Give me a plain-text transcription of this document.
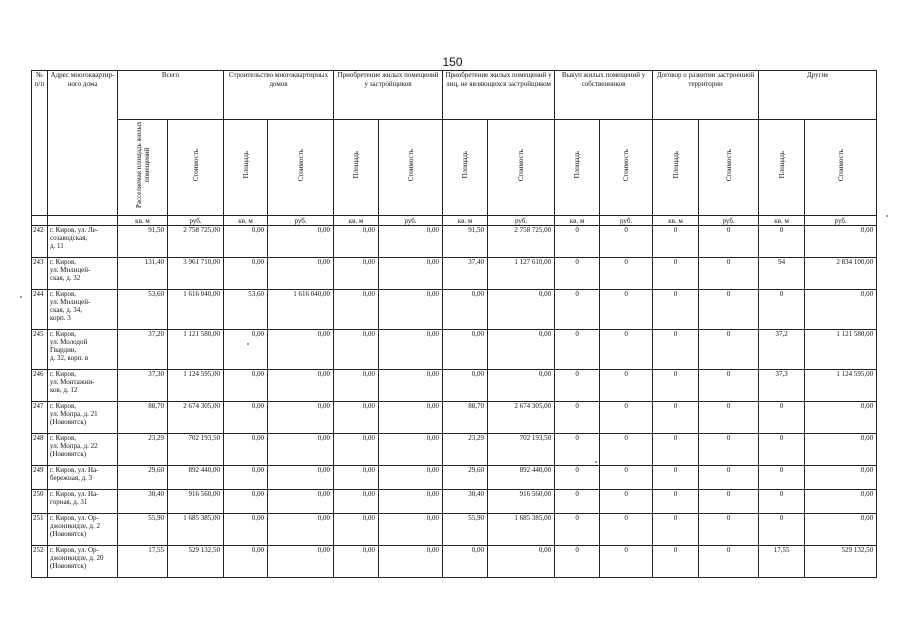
150
№
п/п	Адрес многоквартир-ного дома	Всего		Строительство многоквартирных домов		Приобретение жилых помещений у застройщиков		Приобретение жилых помещений у лиц, не являющихся застройщиком		Выкуп жилых помещений у собственников		Договор о развитии застроенной территории		Другие	
		Расселяемая площадь жилых помещений	Стоимость	Площадь	Стоимость	Площадь	Стоимость	Площадь	Стоимость	Площадь	Стоимость	Площадь	Стоимость	Площадь	Стоимость
		кв. м	руб.	кв. м	руб.	кв. м	руб.	кв. м	руб.	кв. м	руб.	кв. м	руб.	кв. м	руб.
242	г. Киров, ул. Ле-
созаводская,
д. 11	91,50	2 758 725,00	0,00	0,00	0,00	0,00	91,50	2 758 725,00	0	0	0	0	0	0,00
243	г. Киров,
ул. Милицей-
ская, д. 32	131,40	3 961 710,00	0,00	0,00	0,00	0,00	37,40	1 127 610,00	0	0	0	0	94	2 834 100,00
244	г. Киров,
ул. Милицей-
ская, д. 34,
корп. 3	53,60	1 616 040,00	53,60	1 616 040,00	0,00	0,00	0,00	0,00	0	0	0	0	0	0,00
245	г. Киров,
ул. Молодой
Гвардии,
д. 32, корп. в	37,20	1 121 580,00	0,00	0,00	0,00	0,00	0,00	0,00	0	0	0	0	37,2	1 121 580,00
246	г. Киров,
ул. Монтажни-
ков, д. 12	37,30	1 124 595,00	0,00	0,00	0,00	0,00	0,00	0,00	0	0	0	0	37,3	1 124 595,00
247	г. Киров,
ул. Мопра, д. 21
(Нововятск)	88,70	2 674 305,00	0,00	0,00	0,00	0,00	88,70	2 674 305,00	0	0	0	0	0	0,00
248	г. Киров,
ул. Мопра, д. 22
(Нововятск)	23,29	702 193,50	0,00	0,00	0,00	0,00	23,29	702 193,50	0	0	0	0	0	0,00
249	г. Киров, ул. На-
бережная, д. 3	29,60	892 440,00	0,00	0,00	0,00	0,00	29,60	892 440,00	0	0	0	0	0	0,00
250	г. Киров, ул. На-
горная, д. 31	30,40	916 560,00	0,00	0,00	0,00	0,00	30,40	916 560,00	0	0	0	0	0	0,00
251	г. Киров, ул. Ор-
джоникидзе, д. 2
(Нововятск)	55,90	1 685 385,00	0,00	0,00	0,00	0,00	55,90	1 685 385,00	0	0	0	0	0	0,00
252	г. Киров, ул. Ор-
джоникидзе, д. 20
(Нововятск)	17,55	529 132,50	0,00	0,00	0,00	0,00	0,00	0,00	0	0	0	0	17,55	529 132,50
